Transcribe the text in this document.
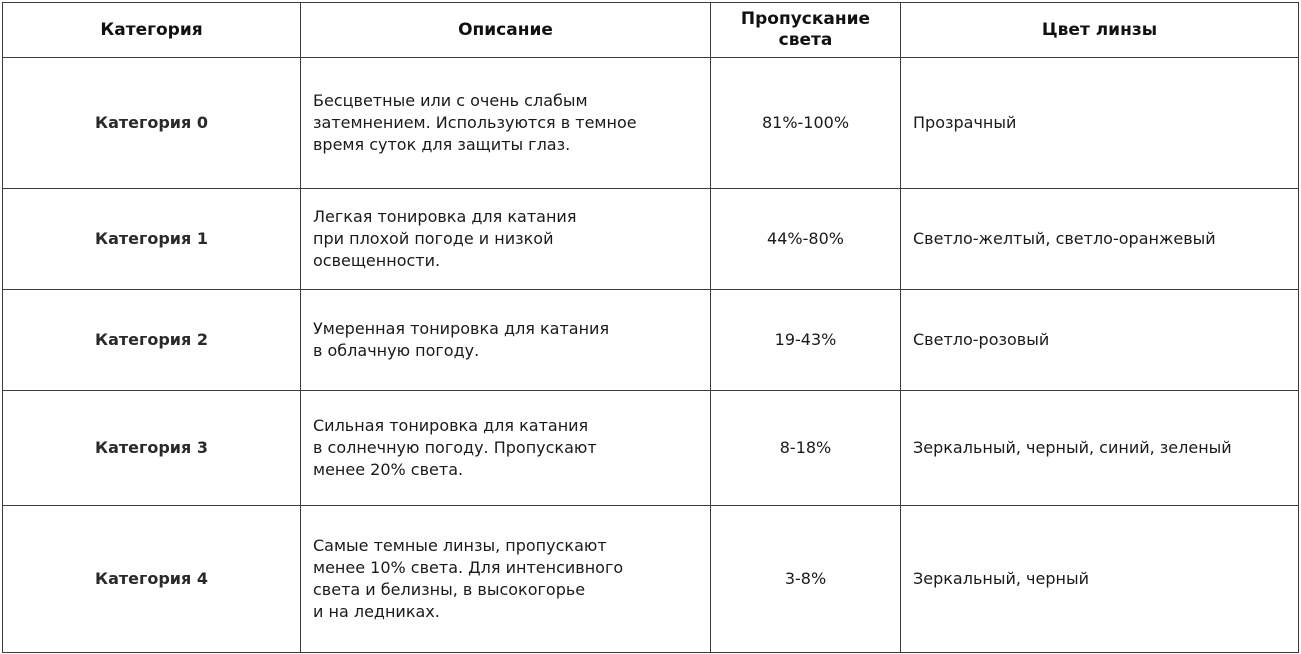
Категория	Описание	Пропускание света	Цвет линзы
Категория 0	Бесцветные или с очень слабым
затемнением. Используются в темное
время суток для защиты глаз.	81%-100%	Прозрачный
Категория 1	Легкая тонировка для катания
при плохой погоде и низкой
освещенности.	44%-80%	Светло-желтый, светло-оранжевый
Категория 2	Умеренная тонировка для катания
в облачную погоду.	19-43%	Светло-розовый
Категория 3	Сильная тонировка для катания
в солнечную погоду. Пропускают
менее 20% света.	8-18%	Зеркальный, черный, синий, зеленый
Категория 4	Самые темные линзы, пропускают
менее 10% света. Для интенсивного
света и белизны, в высокогорье
и на ледниках.	3-8%	Зеркальный, черный
